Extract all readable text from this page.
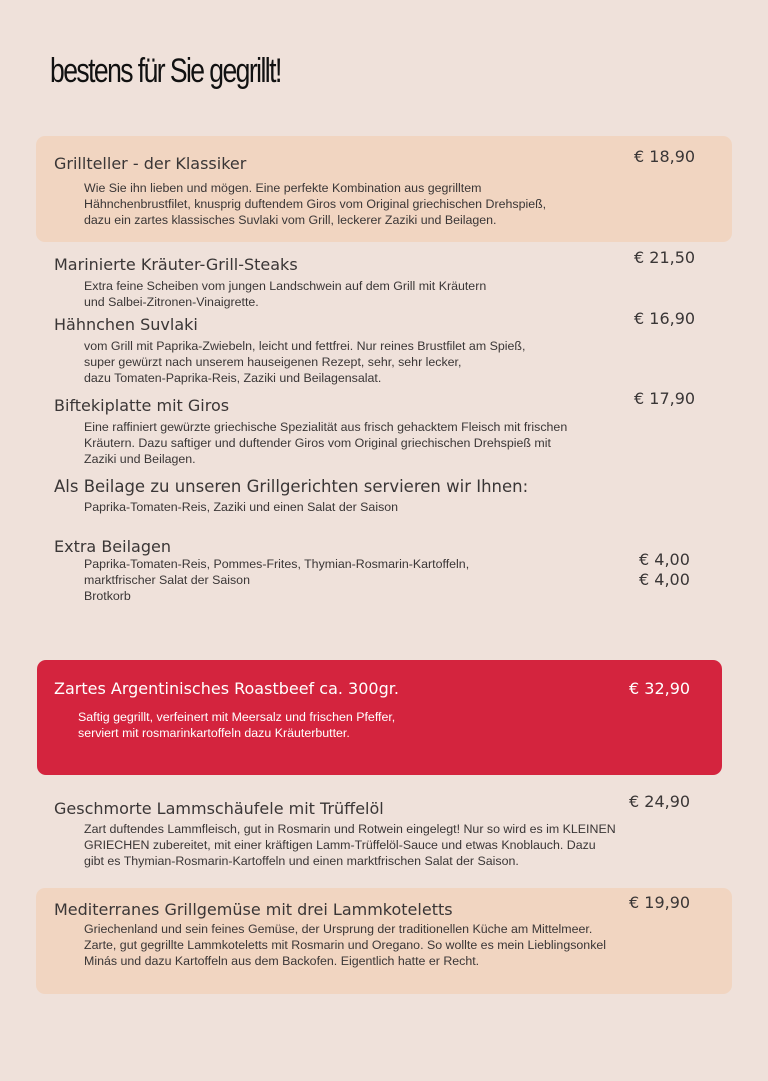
bestens für Sie gegrillt!
Grillteller - der Klassiker	€ 18,90
Wie Sie ihn lieben und mögen. Eine perfekte Kombination aus gegrilltem
Hähnchenbrustfilet, knusprig duftendem Giros vom Original griechischen Drehspieß,
dazu ein zartes klassisches Suvlaki vom Grill, leckerer Zaziki und Beilagen.
Marinierte Kräuter-Grill-Steaks	€ 21,50
Extra feine Scheiben vom jungen Landschwein auf dem Grill mit Kräutern
und Salbei-Zitronen-Vinaigrette.
Hähnchen Suvlaki	€ 16,90
vom Grill mit Paprika-Zwiebeln, leicht und fettfrei. Nur reines Brustfilet am Spieß,
super gewürzt nach unserem hauseigenen Rezept, sehr, sehr lecker,
dazu Tomaten-Paprika-Reis, Zaziki und Beilagensalat.
Biftekiplatte mit Giros	€ 17,90
Eine raffiniert gewürzte griechische Spezialität aus frisch gehacktem Fleisch mit frischen
Kräutern. Dazu saftiger und duftender Giros vom Original griechischen Drehspieß mit
Zaziki und Beilagen.
Als Beilage zu unseren Grillgerichten servieren wir Ihnen:
Paprika-Tomaten-Reis, Zaziki und einen Salat der Saison
Extra Beilagen
Paprika-Tomaten-Reis, Pommes-Frites, Thymian-Rosmarin-Kartoffeln,
marktfrischer Salat der Saison
Brotkorb
€ 4,00
€ 4,00
Zartes Argentinisches Roastbeef ca. 300gr.	€ 32,90
Saftig gegrillt, verfeinert mit Meersalz und frischen Pfeffer,
serviert mit rosmarinkartoffeln dazu Kräuterbutter.
Geschmorte Lammschäufele mit Trüffelöl	€ 24,90
Zart duftendes Lammfleisch, gut in Rosmarin und Rotwein eingelegt! Nur so wird es im KLEINEN
GRIECHEN zubereitet, mit einer kräftigen Lamm-Trüffelöl-Sauce und etwas Knoblauch. Dazu
gibt es Thymian-Rosmarin-Kartoffeln und einen marktfrischen Salat der Saison.
Mediterranes Grillgemüse mit drei Lammkoteletts	€ 19,90
Griechenland und sein feines Gemüse, der Ursprung der traditionellen Küche am Mittelmeer.
Zarte, gut gegrillte Lammkoteletts mit Rosmarin und Oregano. So wollte es mein Lieblingsonkel
Minás und dazu Kartoffeln aus dem Backofen. Eigentlich hatte er Recht.
